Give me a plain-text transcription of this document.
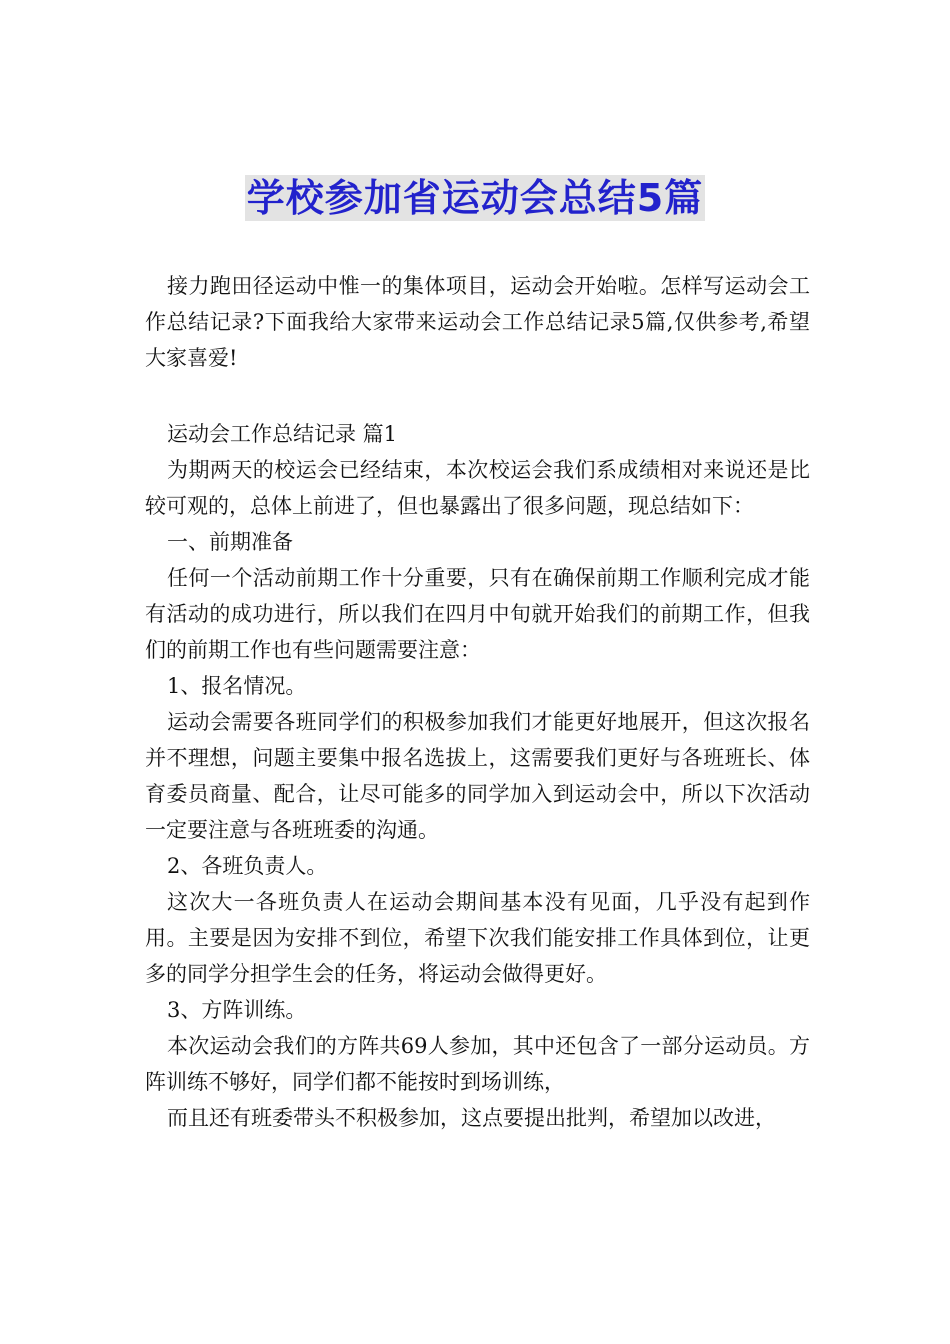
学校参加省运动会总结5篇

接力跑田径运动中惟一的集体项目，运动会开始啦。怎样写运动会工作总结记录?下面我给大家带来运动会工作总结记录5篇,仅供参考,希望大家喜爱!

运动会工作总结记录 篇1

为期两天的校运会已经结束，本次校运会我们系成绩相对来说还是比较可观的，总体上前进了，但也暴露出了很多问题，现总结如下：

一、前期准备

任何一个活动前期工作十分重要，只有在确保前期工作顺利完成才能有活动的成功进行，所以我们在四月中旬就开始我们的前期工作，但我们的前期工作也有些问题需要注意：

1、报名情况。

运动会需要各班同学们的积极参加我们才能更好地展开，但这次报名并不理想，问题主要集中报名选拔上，这需要我们更好与各班班长、体育委员商量、配合，让尽可能多的同学加入到运动会中，所以下次活动一定要注意与各班班委的沟通。

2、各班负责人。

这次大一各班负责人在运动会期间基本没有见面，几乎没有起到作用。主要是因为安排不到位，希望下次我们能安排工作具体到位，让更多的同学分担学生会的任务，将运动会做得更好。

3、方阵训练。

本次运动会我们的方阵共69人参加，其中还包含了一部分运动员。方阵训练不够好，同学们都不能按时到场训练，

而且还有班委带头不积极参加，这点要提出批判，希望加以改进，
